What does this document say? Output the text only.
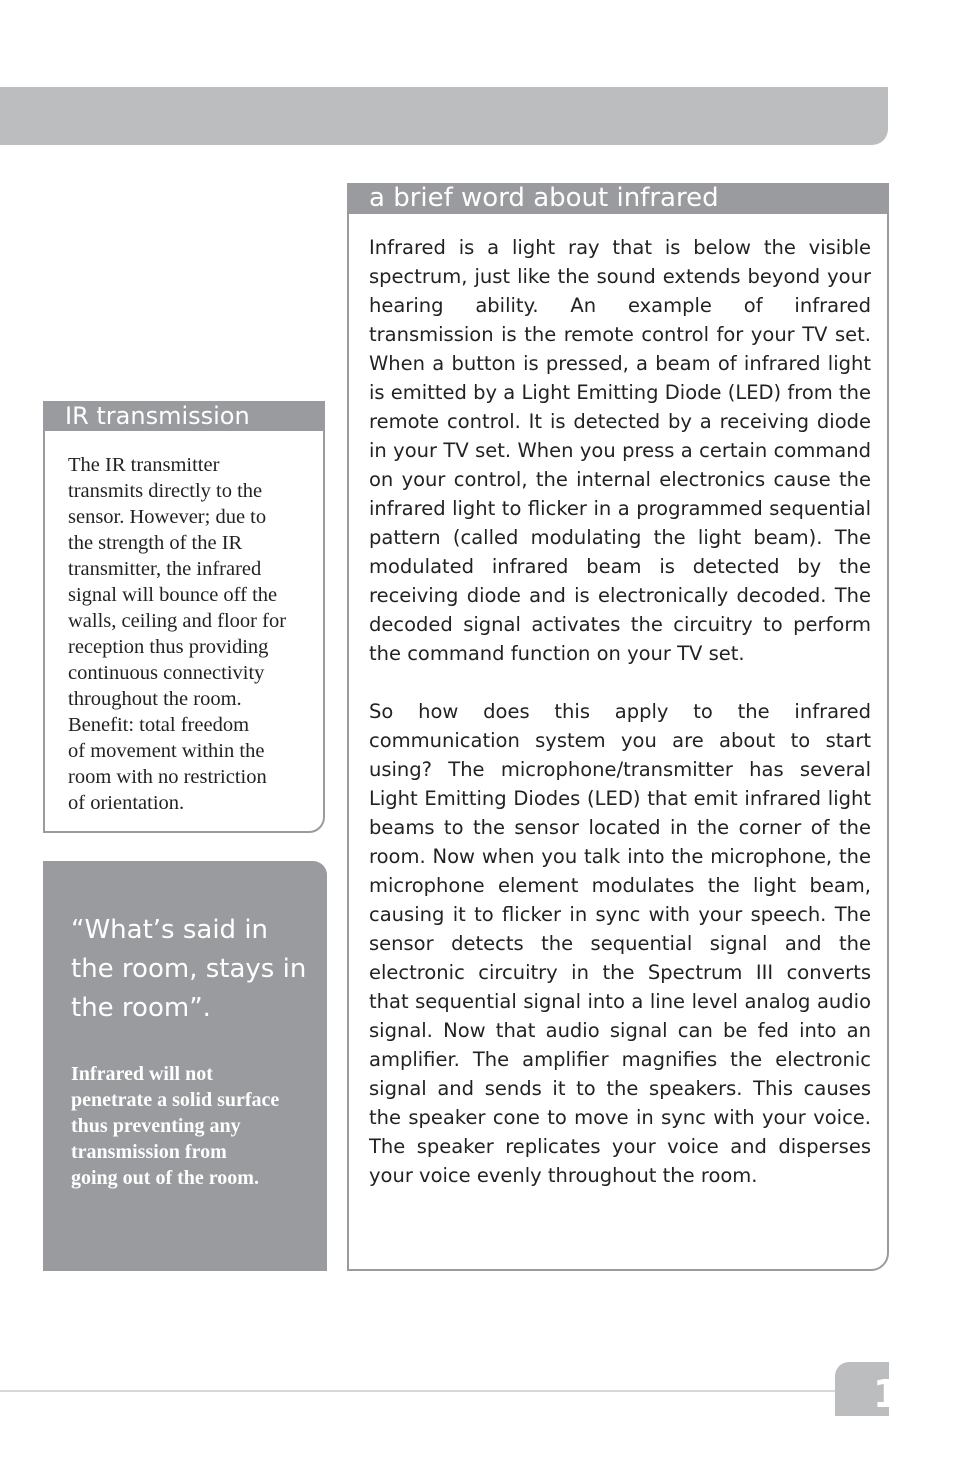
IR transmission
The IR transmitter
transmits directly to the
sensor. However; due to
the strength of the IR
transmitter, the infrared
signal will bounce off the
walls, ceiling and floor for
reception thus providing
continuous connectivity
throughout the room.
Benefit: total freedom
of movement within the
room with no restriction
of orientation.
“What’s said in
the room, stays in
the room”.
Infrared will not
penetrate a solid surface
thus preventing any
transmission from
going out of the room.
a brief word about infrared

Infrared is a light ray that is below the visible spectrum, just like the sound extends beyond your hearing ability. An example of infrared transmission is the remote control for your TV set. When a button is pressed, a beam of infrared light is emitted by a Light Emitting Diode (LED) from the remote control. It is detected by a receiving diode in your TV set. When you press a certain command on your control, the internal electronics cause the infrared light to flicker in a programmed sequential pattern (called modulating the light beam). The modulated infrared beam is detected by the receiving diode and is electronically decoded. The decoded signal activates the circuitry to perform the command function on your TV set.

So how does this apply to the infrared communication system you are about to start using? The microphone/transmitter has several Light Emitting Diodes (LED) that emit infrared light beams to the sensor located in the corner of the room. Now when you talk into the microphone, the microphone element modulates the light beam, causing it to flicker in sync with your speech. The sensor detects the sequential signal and the electronic circuitry in the Spectrum III converts that sequential signal into a line level analog audio signal. Now that audio signal can be fed into an amplifier. The amplifier magnifies the electronic signal and sends it to the speakers. This causes the speaker cone to move in sync with your voice. The speaker replicates your voice and disperses your voice evenly throughout the room.

1
